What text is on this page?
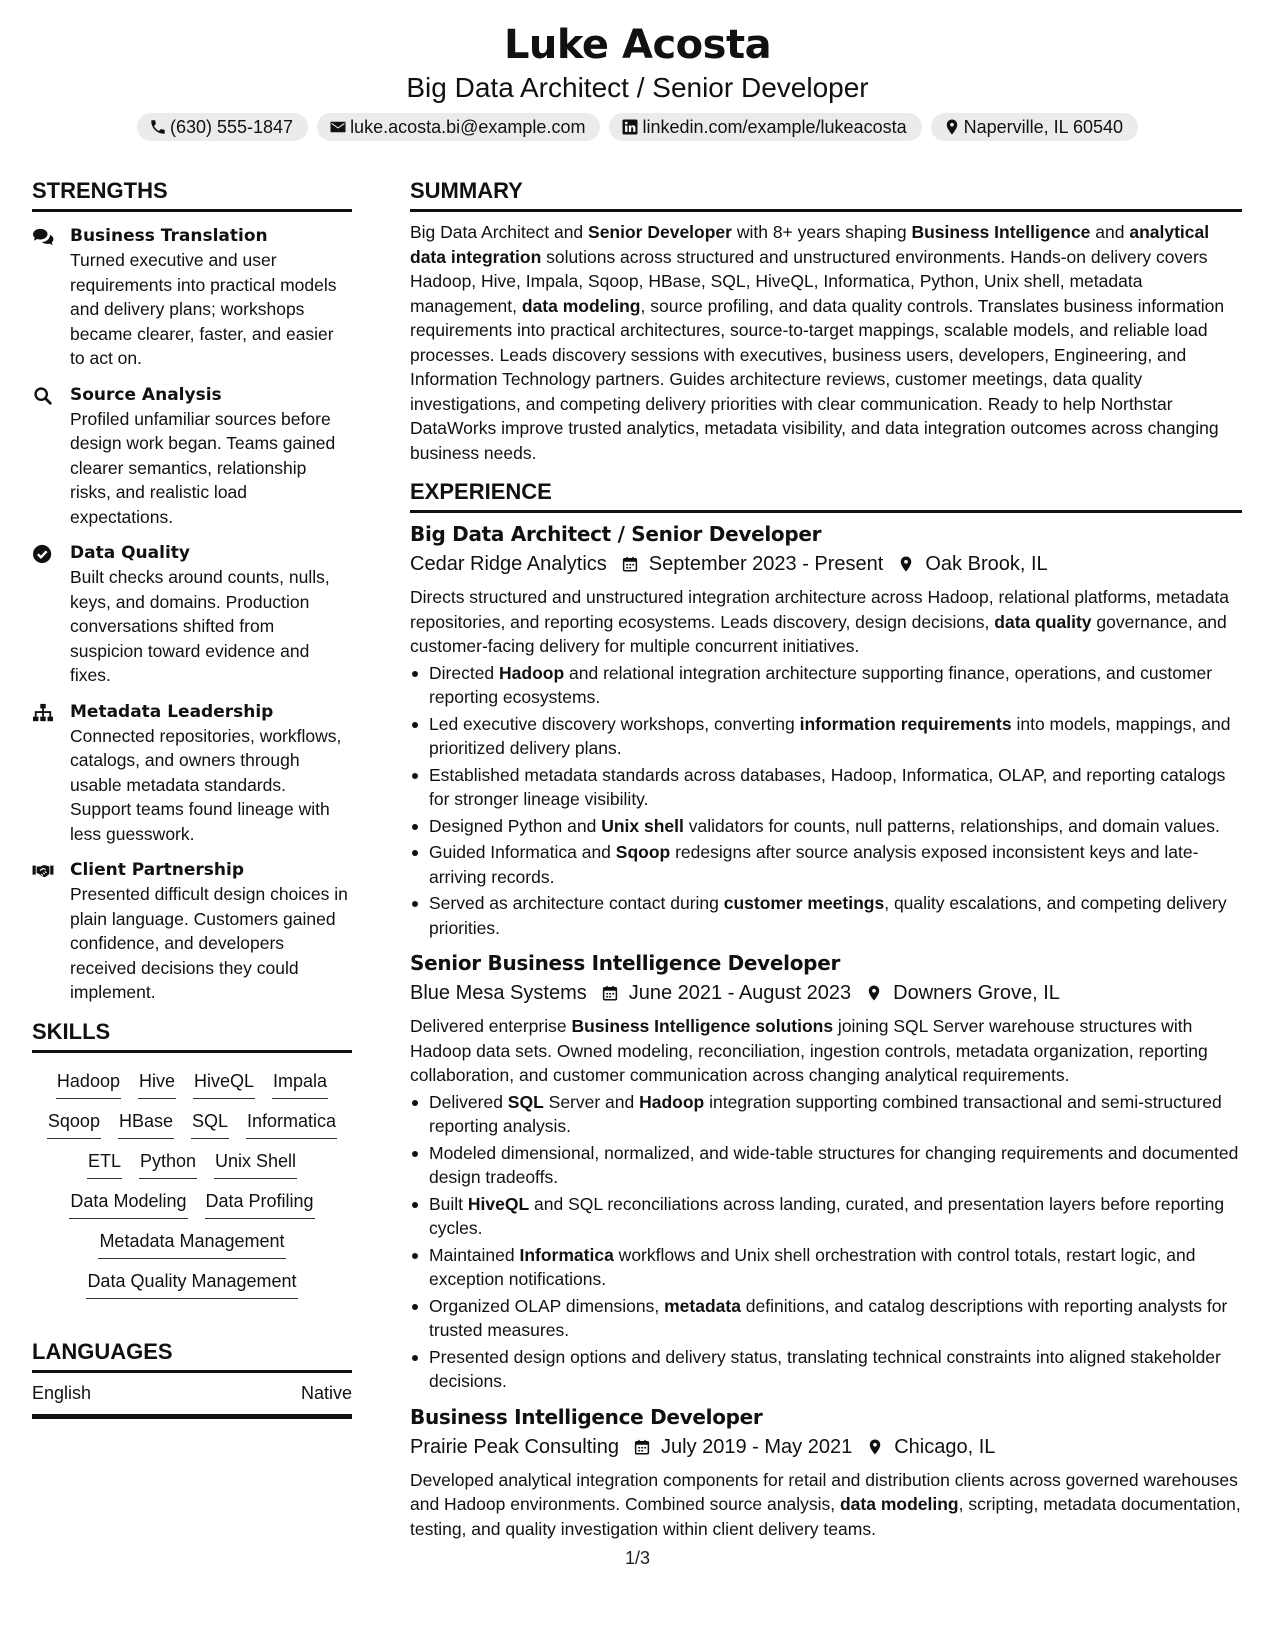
Luke Acosta
Big Data Architect / Senior Developer
(630) 555-1847	luke.acosta.bi@example.com	linkedin.com/example/lukeacosta	Naperville, IL 60540
STRENGTHS
Business Translation
Turned executive and user requirements into practical models and delivery plans; workshops became clearer, faster, and easier to act on.
Source Analysis
Profiled unfamiliar sources before design work began. Teams gained clearer semantics, relationship risks, and realistic load expectations.
Data Quality
Built checks around counts, nulls, keys, and domains. Production conversations shifted from suspicion toward evidence and fixes.
Metadata Leadership
Connected repositories, workflows, catalogs, and owners through usable metadata standards. Support teams found lineage with less guesswork.
Client Partnership
Presented difficult design choices in plain language. Customers gained confidence, and developers received decisions they could implement.
SKILLS
Hadoop Hive HiveQL Impala
Sqoop HBase SQL Informatica
ETL Python Unix Shell
Data Modeling Data Profiling
Metadata Management
Data Quality Management
LANGUAGES
English	Native
SUMMARY

Big Data Architect and Senior Developer with 8+ years shaping Business Intelligence and analytical data integration solutions across structured and unstructured environments. Hands-on delivery covers Hadoop, Hive, Impala, Sqoop, HBase, SQL, HiveQL, Informatica, Python, Unix shell, metadata management, data modeling, source profiling, and data quality controls. Translates business information requirements into practical architectures, source-to-target mappings, scalable models, and reliable load processes. Leads discovery sessions with executives, business users, developers, Engineering, and Information Technology partners. Guides architecture reviews, customer meetings, data quality investigations, and competing delivery priorities with clear communication. Ready to help Northstar DataWorks improve trusted analytics, metadata visibility, and data integration outcomes across changing business needs.

EXPERIENCE
Big Data Architect / Senior Developer
Cedar Ridge Analytics September 2023 - Present Oak Brook, IL

Directs structured and unstructured integration architecture across Hadoop, relational platforms, metadata repositories, and reporting ecosystems. Leads discovery, design decisions, data quality governance, and customer-facing delivery for multiple concurrent initiatives.

Directed Hadoop and relational integration architecture supporting finance, operations, and customer reporting ecosystems.
Led executive discovery workshops, converting information requirements into models, mappings, and prioritized delivery plans.
Established metadata standards across databases, Hadoop, Informatica, OLAP, and reporting catalogs for stronger lineage visibility.
Designed Python and Unix shell validators for counts, null patterns, relationships, and domain values.
Guided Informatica and Sqoop redesigns after source analysis exposed inconsistent keys and late-arriving records.
Served as architecture contact during customer meetings, quality escalations, and competing delivery priorities.
Senior Business Intelligence Developer
Blue Mesa Systems June 2021 - August 2023 Downers Grove, IL

Delivered enterprise Business Intelligence solutions joining SQL Server warehouse structures with Hadoop data sets. Owned modeling, reconciliation, ingestion controls, metadata organization, reporting collaboration, and customer communication across changing analytical requirements.

Delivered SQL Server and Hadoop integration supporting combined transactional and semi-structured reporting analysis.
Modeled dimensional, normalized, and wide-table structures for changing requirements and documented design tradeoffs.
Built HiveQL and SQL reconciliations across landing, curated, and presentation layers before reporting cycles.
Maintained Informatica workflows and Unix shell orchestration with control totals, restart logic, and exception notifications.
Organized OLAP dimensions, metadata definitions, and catalog descriptions with reporting analysts for trusted measures.
Presented design options and delivery status, translating technical constraints into aligned stakeholder decisions.
Business Intelligence Developer
Prairie Peak Consulting July 2019 - May 2021 Chicago, IL

Developed analytical integration components for retail and distribution clients across governed warehouses and Hadoop environments. Combined source analysis, data modeling, scripting, metadata documentation, testing, and quality investigation within client delivery teams.

1/3
